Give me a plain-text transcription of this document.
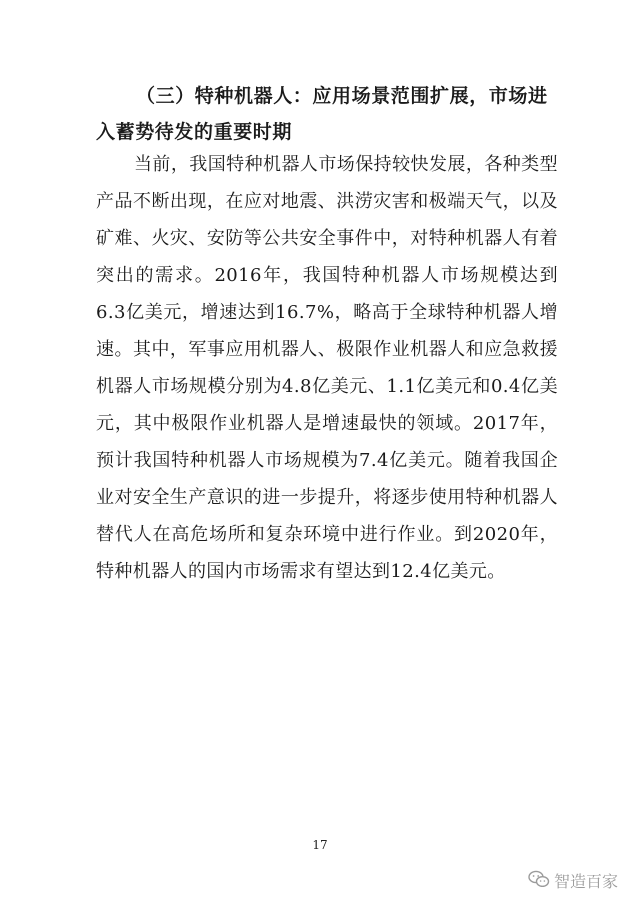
（三）特种机器人：应用场景范围扩展，市场进入蓄势待发的重要时期

当前，我国特种机器人市场保持较快发展，各种类型产品不断出现，在应对地震、洪涝灾害和极端天气，以及矿难、火灾、安防等公共安全事件中，对特种机器人有着突出的需求。2016年，我国特种机器人市场规模达到6.3亿美元，增速达到16.7%，略高于全球特种机器人增速。其中，军事应用机器人、极限作业机器人和应急救援机器人市场规模分别为4.8亿美元、1.1亿美元和0.4亿美元，其中极限作业机器人是增速最快的领域。2017年，预计我国特种机器人市场规模为7.4亿美元。随着我国企业对安全生产意识的进一步提升，将逐步使用特种机器人替代人在高危场所和复杂环境中进行作业。到2020年，特种机器人的国内市场需求有望达到12.4亿美元。

17
智造百家
